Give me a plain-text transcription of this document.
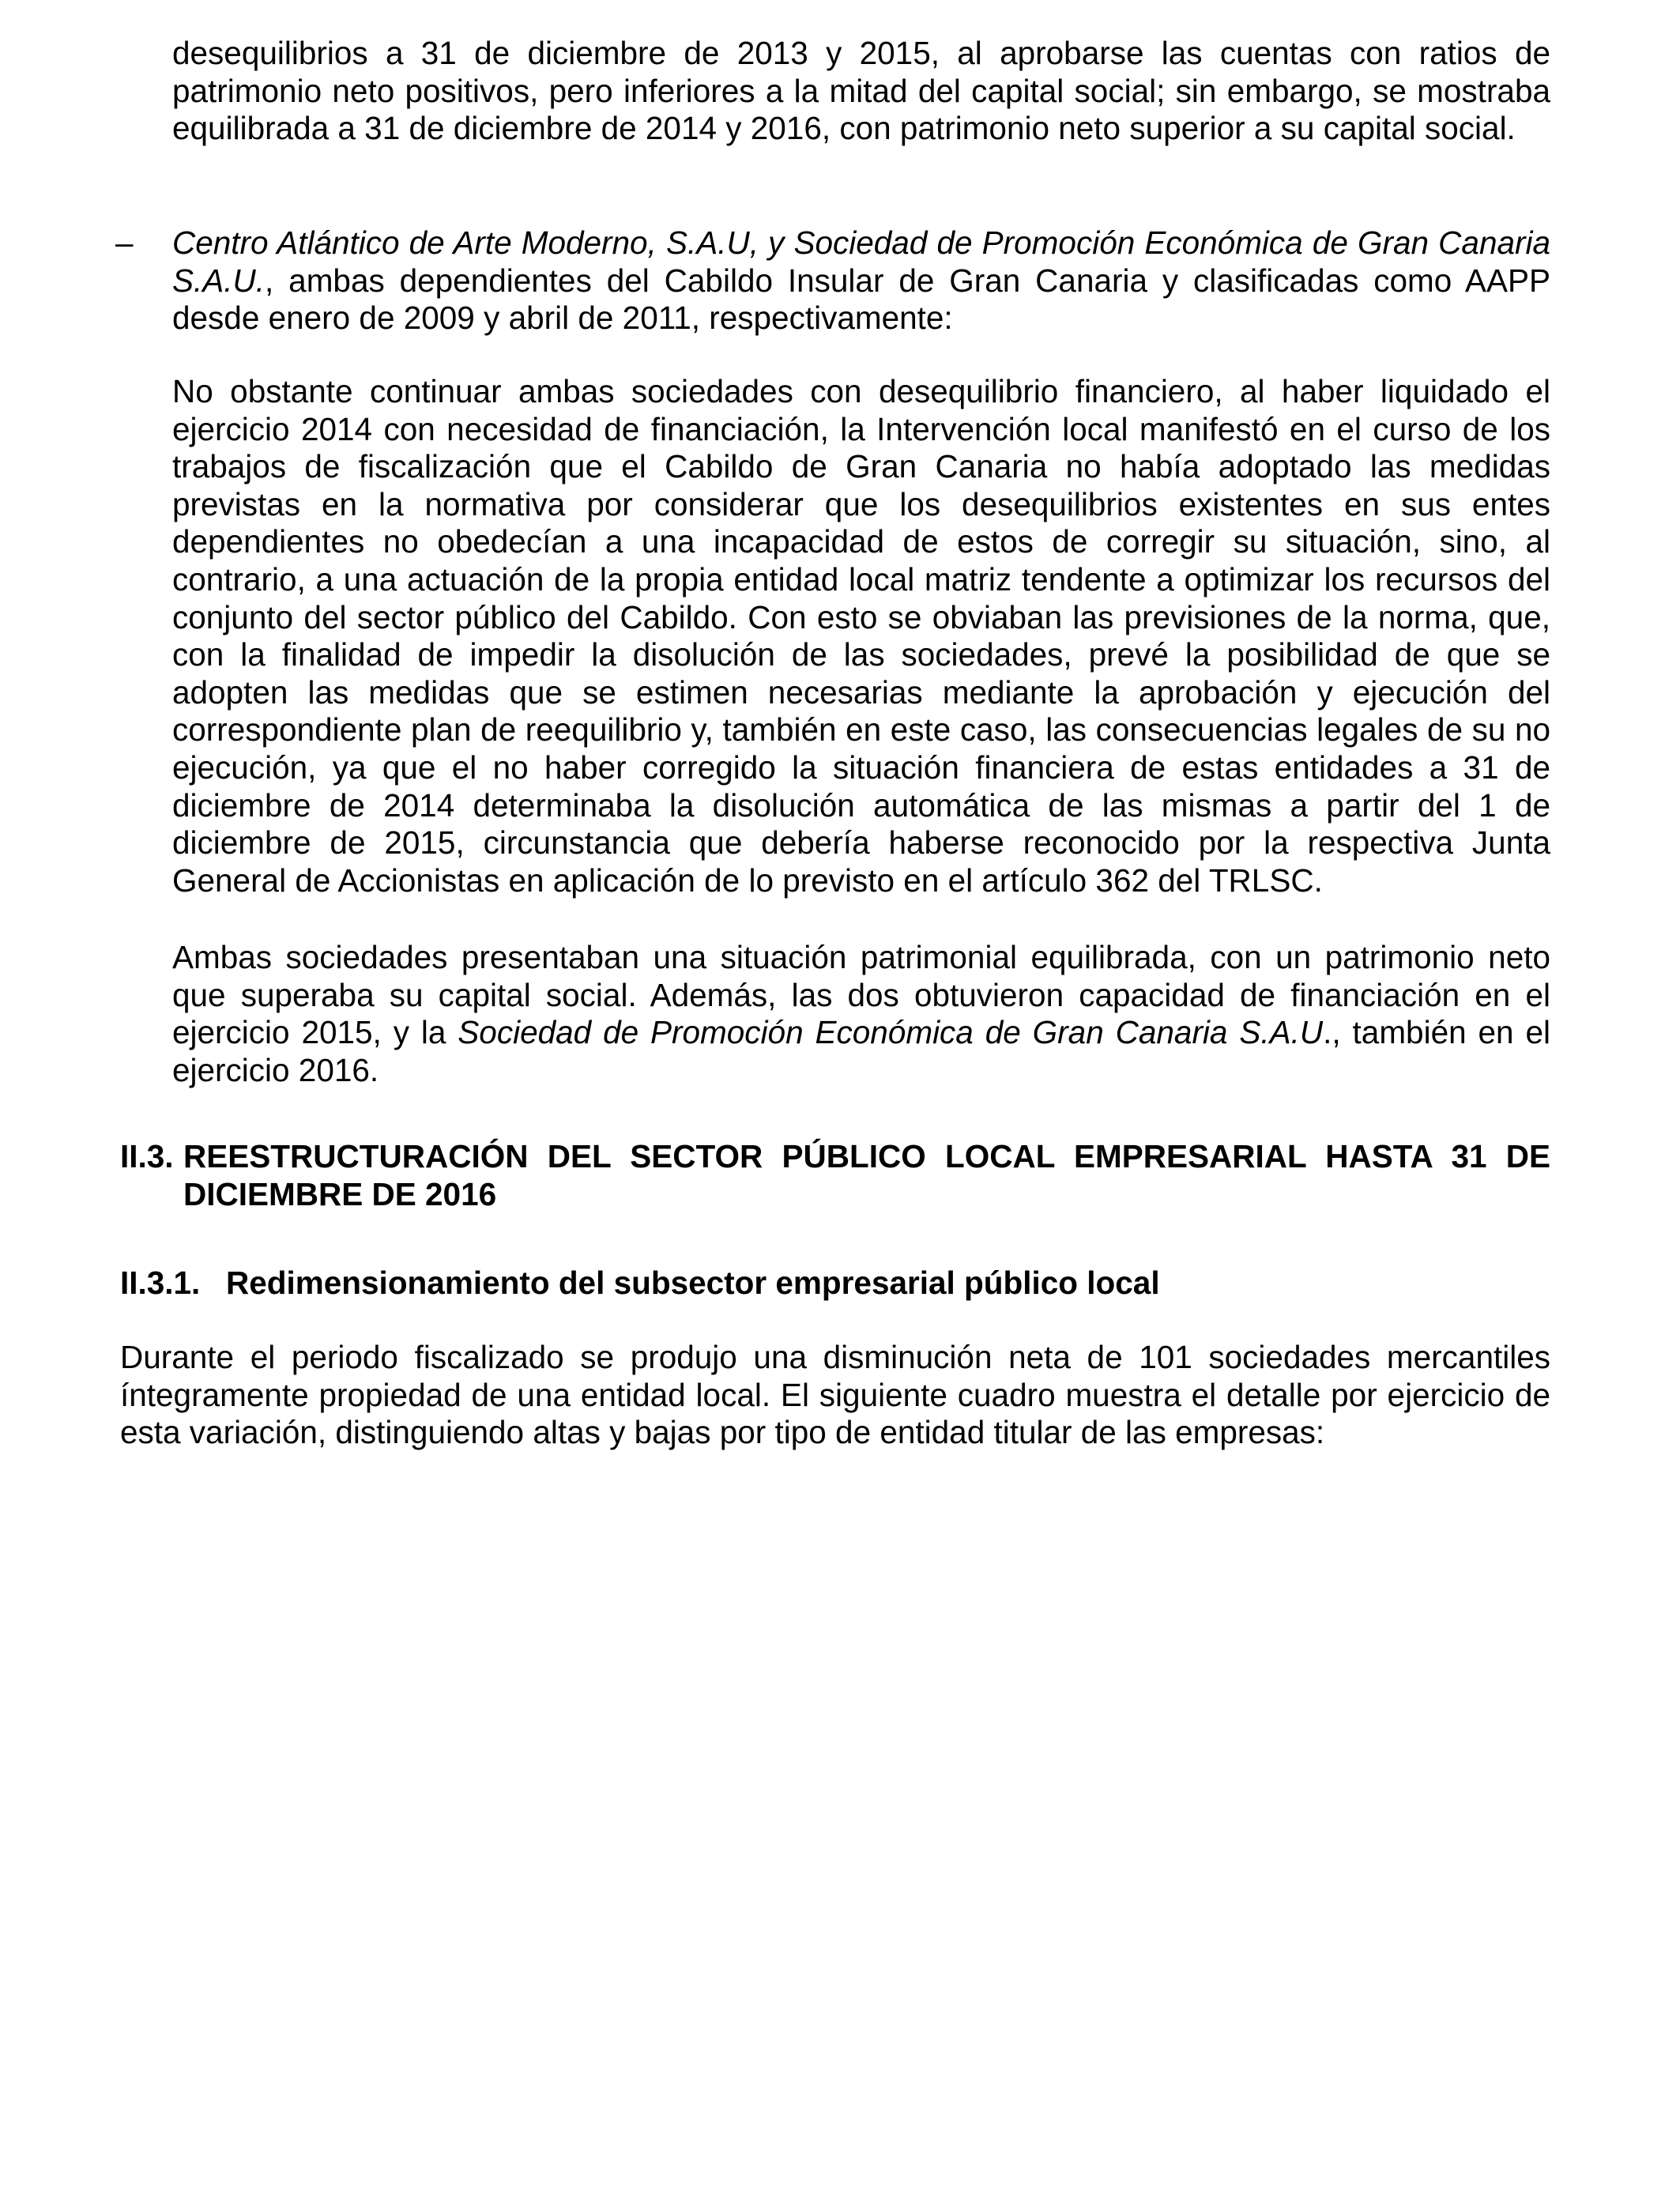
desequilibrios a 31 de diciembre de 2013 y 2015, al aprobarse las cuentas con ratios de patrimonio neto positivos, pero inferiores a la mitad del capital social; sin embargo, se mostraba equilibrada a 31 de diciembre de 2014 y 2016, con patrimonio neto superior a su capital social.

– Centro Atlántico de Arte Moderno, S.A.U, y Sociedad de Promoción Económica de Gran Canaria S.A.U., ambas dependientes del Cabildo Insular de Gran Canaria y clasificadas como AAPP desde enero de 2009 y abril de 2011, respectivamente:

No obstante continuar ambas sociedades con desequilibrio financiero, al haber liquidado el ejercicio 2014 con necesidad de financiación, la Intervención local manifestó en el curso de los trabajos de fiscalización que el Cabildo de Gran Canaria no había adoptado las medidas previstas en la normativa por considerar que los desequilibrios existentes en sus entes dependientes no obedecían a una incapacidad de estos de corregir su situación, sino, al contrario, a una actuación de la propia entidad local matriz tendente a optimizar los recursos del conjunto del sector público del Cabildo. Con esto se obviaban las previsiones de la norma, que, con la finalidad de impedir la disolución de las sociedades, prevé la posibilidad de que se adopten las medidas que se estimen necesarias mediante la aprobación y ejecución del correspondiente plan de reequilibrio y, también en este caso, las consecuencias legales de su no ejecución, ya que el no haber corregido la situación financiera de estas entidades a 31 de diciembre de 2014 determinaba la disolución automática de las mismas a partir del 1 de diciembre de 2015, circunstancia que debería haberse reconocido por la respectiva Junta General de Accionistas en aplicación de lo previsto en el artículo 362 del TRLSC.

Ambas sociedades presentaban una situación patrimonial equilibrada, con un patrimonio neto que superaba su capital social. Además, las dos obtuvieron capacidad de financiación en el ejercicio 2015, y la Sociedad de Promoción Económica de Gran Canaria S.A.U., también en el ejercicio 2016.

II.3. REESTRUCTURACIÓN DEL SECTOR PÚBLICO LOCAL EMPRESARIAL HASTA 31 DE DICIEMBRE DE 2016
II.3.1. Redimensionamiento del subsector empresarial público local

Durante el periodo fiscalizado se produjo una disminución neta de 101 sociedades mercantiles íntegramente propiedad de una entidad local. El siguiente cuadro muestra el detalle por ejercicio de esta variación, distinguiendo altas y bajas por tipo de entidad titular de las empresas:
